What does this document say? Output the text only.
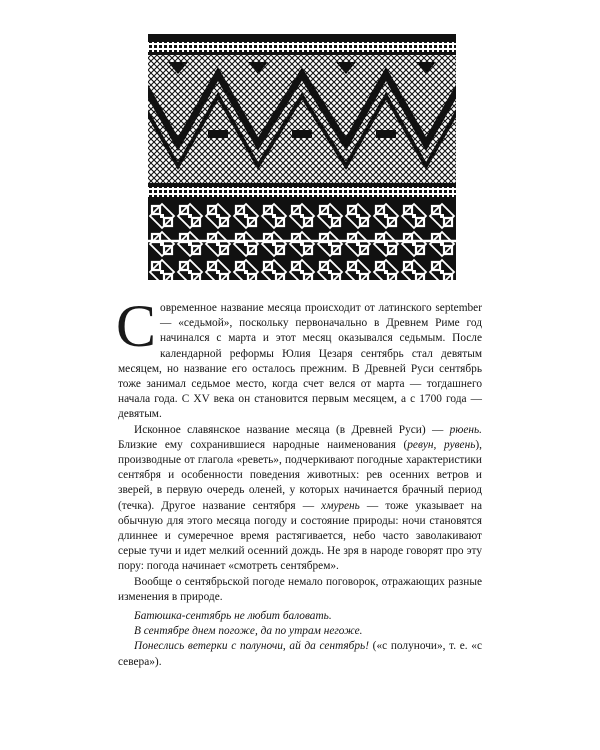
Современное название месяца происходит от латинского september — «седьмой», поскольку первоначально в Древнем Риме год начинался с марта и этот месяц оказывался седьмым. После календарной реформы Юлия Цезаря сентябрь стал девятым месяцем, но название его осталось прежним. В Древней Руси сентябрь тоже занимал седьмое место, когда счет велся от марта — тогдашнего начала года. С XV века он становится первым месяцем, а с 1700 года — девятым.

Исконное славянское название месяца (в Древней Руси) — рюень. Близкие ему сохранившиеся народные наименования (ревун, рувень), производные от глагола «реветь», подчеркивают погодные характеристики сентября и особенности поведения животных: рев осенних ветров и зверей, в первую очередь оленей, у которых начинается брачный период (течка). Другое название сентября — хмурень — тоже указывает на обычную для этого месяца погоду и состояние природы: ночи становятся длиннее и сумеречное время растягивается, небо часто заволакивают серые тучи и идет мелкий осенний дождь. Не зря в народе говорят про эту пору: погода начинает «смотреть сентябрем».

Вообще о сентябрьской погоде немало поговорок, отражающих разные изменения в природе.

Батюшка-сентябрь не любит баловать.

В сентябре днем погоже, да по утрам негоже.

Понеслись ветерки с полуночи, ай да сентябрь! («с полуночи», т. е. «с севера»).
